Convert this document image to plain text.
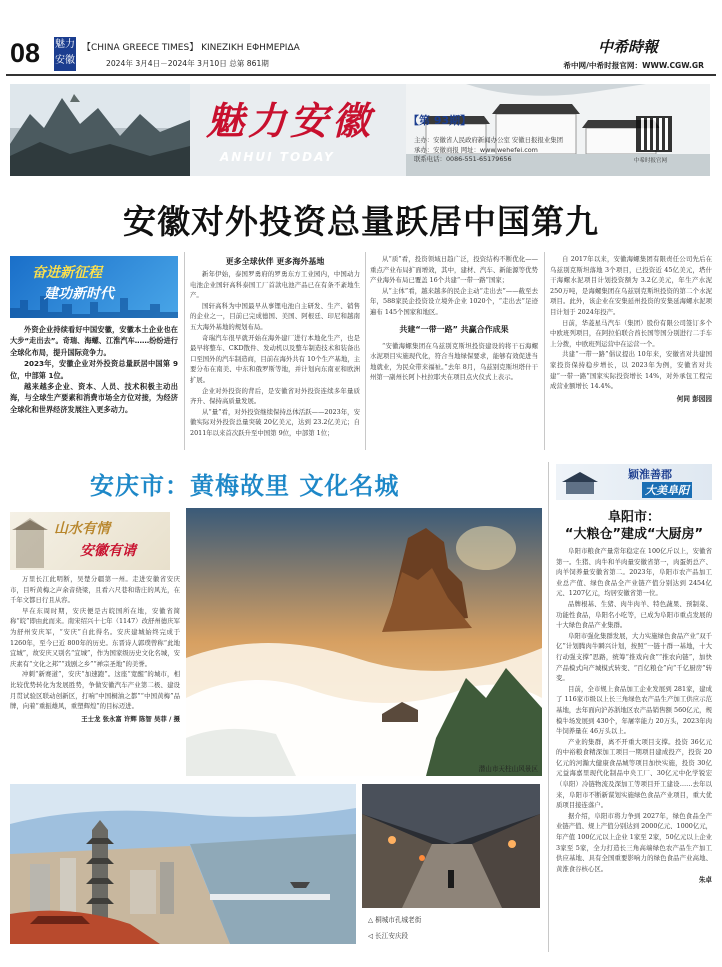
08 魅力
安徽
【CHINA GREECE TIMES】 ΚΙΝΕΖΙΚΗ ΕΦΗΜΕΡΙΔΑ
2024年 3月4日－2024年 3月10日 总第 861期
中希時報
希中网/中希时报官网：WWW.CGW.GR
魅力安徽
ANHUI TODAY
【第 93期】
主办：安徽省人民政府新闻办公室 安徽日报报业集团
承办：安徽商报 网址：www.wehefei.com
联系电话：0086-551-65179656	中希时报官网
安徽对外投资总量跃居中国第九
奋进新征程
建功新时代

外资企业持续看好中国安徽，安徽本土企业也在大步“走出去”。奇瑞、海螺、江淮汽车……纷纷进行全球化布局，提升国际竞争力。

2023年，安徽企业对外投资总量跃居中国第 9位，中部第 1位。

越来越多企业、资本、人员、技术积极主动出海，与全球生产要素和消费市场全方位对接，为经济全球化和世界经济发展注入更多动力。

更多全球伙伴 更多海外基地

新年伊始，泰国罗勇府的罗勇东方工业园内，中国动力电池企业国轩高科泰国工厂首款电池产品已在有条不紊地生产。

国轩高科为中国最早从事锂电池自主研发、生产、销售的企业之一，目前已完成德国、美国、阿根廷、印尼和越南五大海外基地的规划布局。

奇瑞汽车很早就开始在海外建厂进行本地化生产，也是最早将整车、CKD散件、发动机以及整车制造技术和装备出口至国外的汽车制造商，目前在海外共有 10个生产基地，主要分布在南美、中东和俄罗斯等地，并计划向东南亚和欧洲扩展。

企业对外投资的背后，是安徽省对外投资连续多年量质齐升、保持高质量发展。

从“量”看，对外投资继续保持总体活跃——2023年，安徽实际对外投资总量突破 20亿美元，达到 23.2亿美元；自 2011年以来首次跃升至中国第 9位，中部第 1位；

从“质”看，投资领域日趋广泛，投资结构不断优化——重点产业布局扩面增效，其中，建材、汽车、新能源等优势产业海外布局已覆盖 16个共建“一带一路”国家；

从“主体”看，越来越多的民企主动“走出去”——截至去年，588家民企投资设立境外企业 1020个，“走出去”足迹遍布 145个国家和地区。

共建“一带一路” 共赢合作成果

“安徽海螺集团在乌兹别克斯坦投资建设的将干石海螺水泥项目实施现代化，符合当地绿保要求，能够有效促进当地就业，为民众带来福祉。”去年 8月，乌兹别克斯坦塔什干州第一副州长阿卜杜拉耶夫在项目点火仪式上表示。

自 2017年以来，安徽海螺集团有限责任公司先后在乌兹别克斯坦落地 3个项目，已投资近 45亿美元，塔什干海螺水泥项目计划投资额为 3.2亿美元，年生产水泥 250万吨，是海螺集团在乌兹别克斯坦投资的第二个水泥项目。此外，该企业在安集延州投资的安集延海螺水泥项目计划于 2024年投产。

日前，华菱星马汽车（集团）股份有限公司签订多个中欧班列项目，在阿拉伯联合酋长国等国分别进行二手车上分拨，中欧班列运营中在运营一个。

共建“一带一路”倡议提出 10年来，安徽省对共建国家投资保持稳步增长，以 2023年为例，安徽省对共建“一带一路”国家实际投资增长 14%，对外承包工程完成营业额增长 14.4%。

何同 彭园园
安庆市：黄梅故里 文化名城
山水有情
安徽有请

万里长江此明断，吴楚分疆第一州。走进安徽省安庆市，目听黄梅之声余音绕梁，且看六尺巷和谐庄的风光，在千年文都日行且从容。

早在东周时期，安庆便是古皖国所在地，安徽省简称“皖”即由此而来。南宋绍兴十七年（1147）改舒州德庆军为舒州安庆军，“安庆”自此得名。安庆建城始终完成于 1260年，至今已近 800年的历史。东晋诗人郭璞曾称“此地宜城”，故安庆又别名“宜城”，作为国家级历史文化名城，安庆素有“文化之邦”“戏剧之乡”“禅宗圣地”的美誉。

冲刺“新赛道”，安庆“加速跑”。这座“宽醒”的城市，相比较优势转化为发展胜势，争做安徽汽车产业第二极、建设月贯试验区联动创新区，打响“中国桐油之都”“中国黄梅”品牌，向着“重振雄风，重塑辉煌”的目标迈进。

王士龙 张永富 许辉 陈智 吴菲 / 摄
潜山市天柱山风景区
△ 桐城市孔城老街
◁ 长江安庆段
颖淮善郡
大美阜阳
阜阳市：
“大粮仓”建成“大厨房”

阜阳市粮食产量常年稳定在 100亿斤以上，安徽省第一。生猪、肉牛和羊肉量安徽省第一，肉蛋奶总产、肉羊饲养量安徽省第二。2023年，阜阳市农产品加工业总产值、绿色食品全产业链产值分别达到 2454亿元、1207亿元，均居安徽省第一位。

品牌根基、生猪、肉牛肉羊、特色蔬果、预制菜、功能性食品，阜阳名小吃等，已成为阜阳市重点发展的十大绿色食品产业集群。

阜阳市强化集群发展，大力实施绿色食品产业“双千亿”计划腾肉牛瞬兴计划，按照“一链十群一基地，十大行动强支撑”思路，统筹“推戏向食”“推农向链”，加快产品模式向产城模式转变、“百亿粮仓”向“千亿厨房”转变。

目前，全市规上食品加工企业发展到 281家，建成了 116家市级以上长三角绿色农产品生产加工供应示范基地，去年面向沪苏浙地区农产品销售额 560亿元，规模牛场发展到 430个，年屠宰能力 20万头，2023年肉牛饲养量在 46万头以上。

产业的集群，离不开重大项目支撑。投资 36亿元的中裕粮食精深加工项目一期项目建成投产，投资 20亿元的河瀚大健康食品城等项目加快实施，投资 30亿元益海嘉里现代化制品中央工厂、30亿元中化学锐宏（阜阳）冷链物流及深加工等项目开工建设……去年以来，阜阳市不断新谋划实施绿色食品产业项目，重大优质项目接连落户。

据介绍，阜阳市将力争到 2027年，绿色食品全产业链产值、规上产值分别达到 2000亿元、1000亿元，年产值 100亿元以上企业 1家至 2家，50亿元以上企业 3家至 5家，全力打造长三角高端绿色农产品生产加工供应基地、具有全国重要影响力的绿色食品产业高地、黄淮食谷核心区。

朱卓
